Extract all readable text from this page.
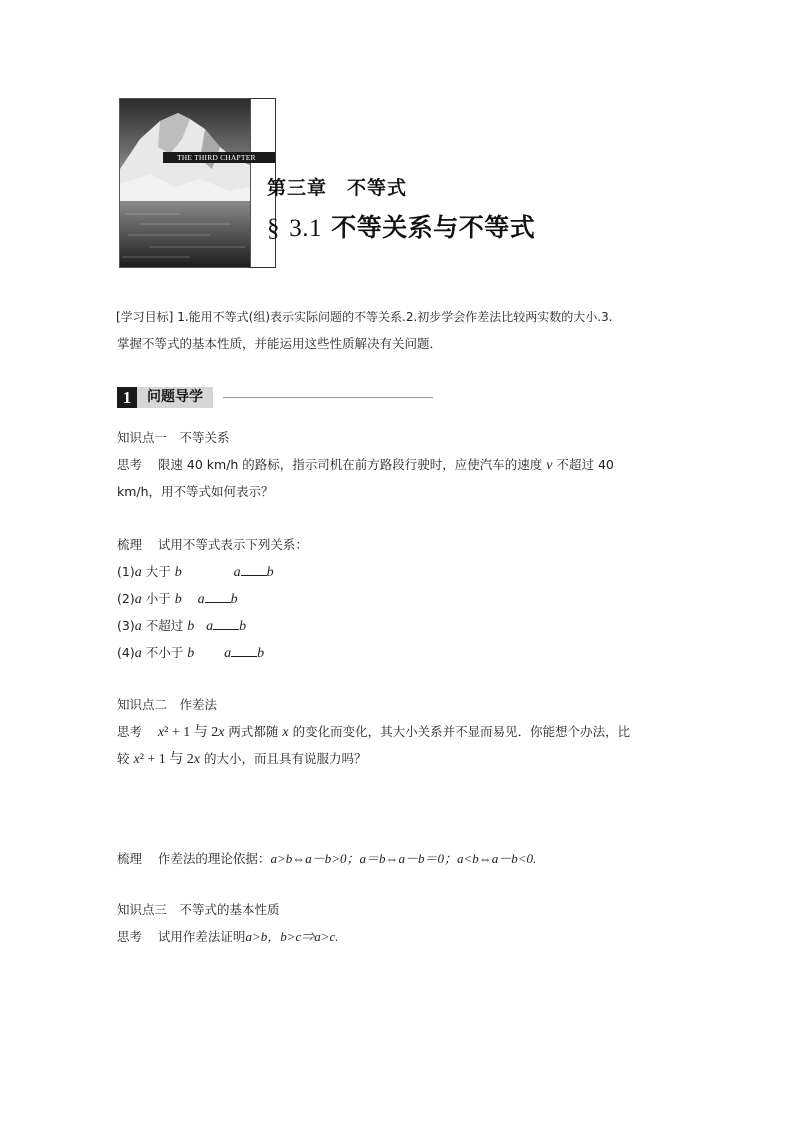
THE THIRD CHAPTER
第三章　不等式
§ 3.1 不等关系与不等式
[学习目标] 1.能用不等式(组)表示实际问题的不等关系.2.初步学会作差法比较两实数的大小.3.
掌握不等式的基本性质，并能运用这些性质解决有关问题．
1	问题导学
知识点一　不等关系
思考 限速 40 km/h 的路标，指示司机在前方路段行驶时，应使汽车的速度 v 不超过 40
km/h，用不等式如何表示？
梳理 试用不等式表示下列关系：
(1)a 大于 b	a b
(2)a 小于 b a b
(3)a 不超过 b a b
(4)a 不小于 b a b
知识点二　作差法
思考 x² + 1 与 2x 两式都随 x 的变化而变化，其大小关系并不显而易见．你能想个办法，比
较 x² + 1 与 2x 的大小，而且具有说服力吗？
梳理 作差法的理论依据：a>b⇔a－b>0；a＝b⇔a－b＝0；a<b⇔a－b<0.
知识点三　不等式的基本性质
思考 试用作差法证明a>b，b>c⇒a>c.
